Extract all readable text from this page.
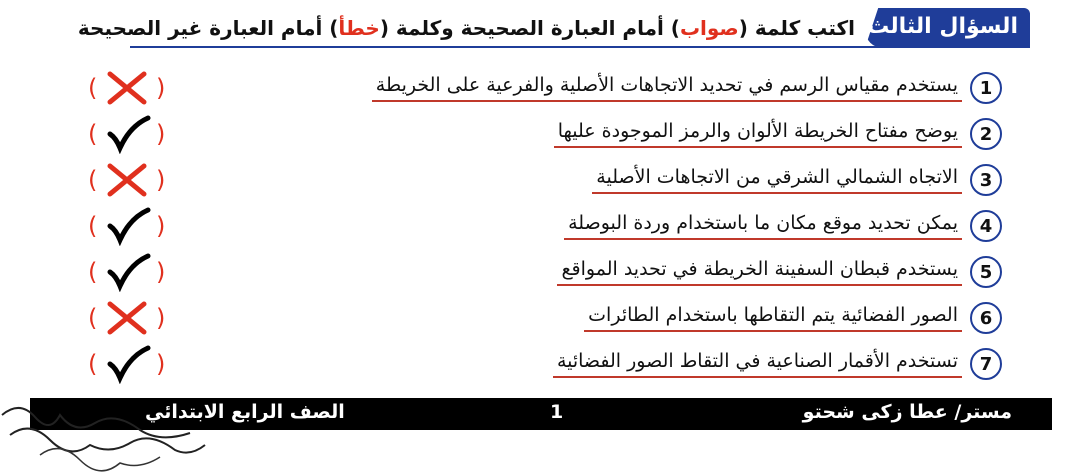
السؤال الثالث
اكتب كلمة (صواب) أمام العبارة الصحيحة وكلمة (خطأ) أمام العبارة غير الصحيحة
1
يستخدم مقياس الرسم في تحديد الاتجاهات الأصلية والفرعية على الخريطة
( )
2
يوضح مفتاح الخريطة الألوان والرمز الموجودة عليها
( )
3
الاتجاه الشمالي الشرقي من الاتجاهات الأصلية
( )
4
يمكن تحديد موقع مكان ما باستخدام وردة البوصلة
( )
5
يستخدم قبطان السفينة الخريطة في تحديد المواقع
( )
6
الصور الفضائية يتم التقاطها باستخدام الطائرات
( )
7
تستخدم الأقمار الصناعية في التقاط الصور الفضائية
( )
مستر/ عطا زكى شحتو
1
الصف الرابع الابتدائي
